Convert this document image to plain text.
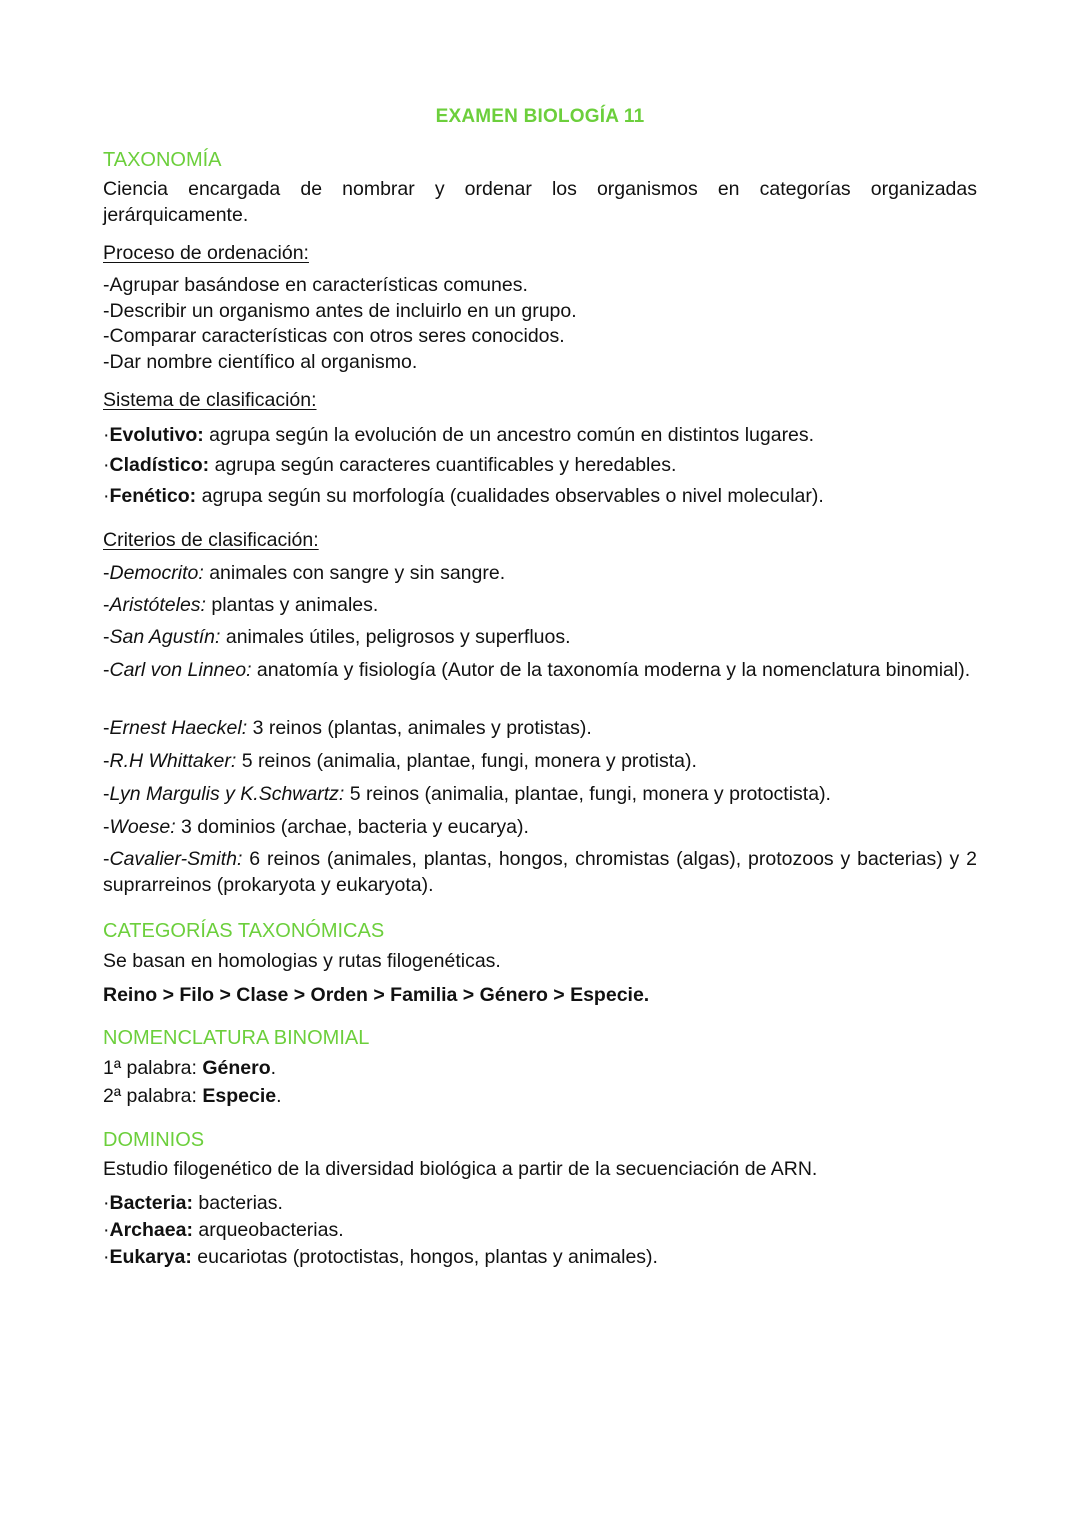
EXAMEN BIOLOGÍA 11
TAXONOMÍA
Ciencia encargada de nombrar y ordenar los organismos en categorías organizadas jerárquicamente.
Proceso de ordenación:
-Agrupar basándose en características comunes.
-Describir un organismo antes de incluirlo en un grupo.
-Comparar características con otros seres conocidos.
-Dar nombre científico al organismo.
Sistema de clasificación:
·Evolutivo: agrupa según la evolución de un ancestro común en distintos lugares.
·Cladístico: agrupa según caracteres cuantificables y heredables.
·Fenético: agrupa según su morfología (cualidades observables o nivel molecular).
Criterios de clasificación:
-Democrito: animales con sangre y sin sangre.
-Aristóteles: plantas y animales.
-San Agustín: animales útiles, peligrosos y superfluos.
-Carl von Linneo: anatomía y fisiología (Autor de la taxonomía moderna y la nomenclatura binomial).
-Ernest Haeckel: 3 reinos (plantas, animales y protistas).
-R.H Whittaker: 5 reinos (animalia, plantae, fungi, monera y protista).
-Lyn Margulis y K.Schwartz: 5 reinos (animalia, plantae, fungi, monera y protoctista).
-Woese: 3 dominios (archae, bacteria y eucarya).
-Cavalier-Smith: 6 reinos (animales, plantas, hongos, chromistas (algas), protozoos y bacterias) y 2 suprarreinos (prokaryota y eukaryota).
CATEGORÍAS TAXONÓMICAS
Se basan en homologias y rutas filogenéticas.
Reino > Filo > Clase > Orden > Familia > Género > Especie.
NOMENCLATURA BINOMIAL
1ª palabra: Género.
2ª palabra: Especie.
DOMINIOS
Estudio filogenético de la diversidad biológica a partir de la secuenciación de ARN.
·Bacteria: bacterias.
·Archaea: arqueobacterias.
·Eukarya: eucariotas (protoctistas, hongos, plantas y animales).
